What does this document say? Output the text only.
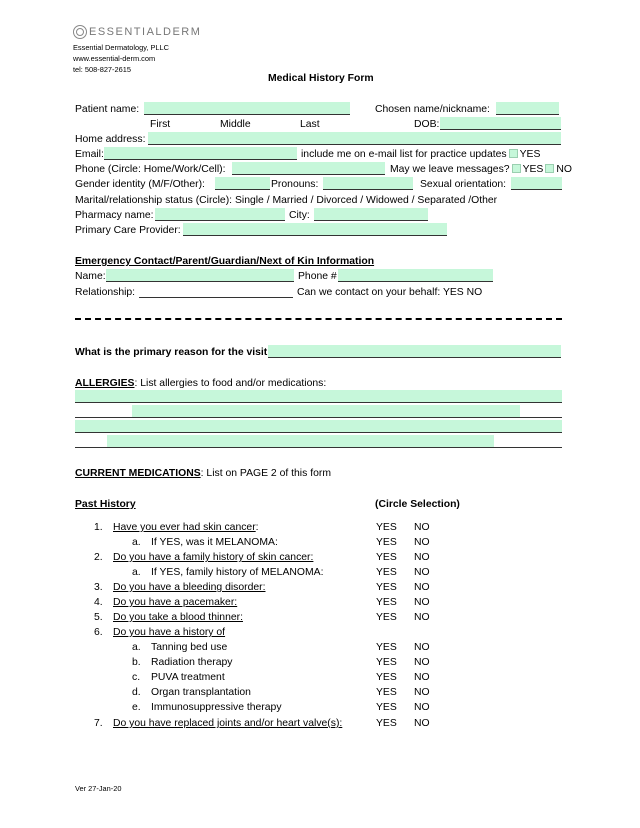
ESSENTIALDERM
Essential Dermatology, PLLC
www.essential-derm.com
tel: 508-827-2615
Medical History Form
Patient name:	Chosen name/nickname:
First	Middle	Last	DOB:
Home address:
Email:	include me on e-mail list for practice updates YES
Phone (Circle: Home/Work/Cell):	May we leave messages? YES NO
Gender identity (M/F/Other):	Pronouns:	Sexual orientation:
Marital/relationship status (Circle): Single / Married / Divorced / Widowed / Separated /Other
Pharmacy name:	City:
Primary Care Provider:
Emergency Contact/Parent/Guardian/Next of Kin Information
Name:	Phone #
Relationship:	Can we contact on your behalf: YES NO
What is the primary reason for the visit
ALLERGIES: List allergies to food and/or medications:
CURRENT MEDICATIONS: List on PAGE 2 of this form
Past History	(Circle Selection)
1. Have you ever had skin cancer:	YES NO
a. If YES, was it MELANOMA:	YES NO
2. Do you have a family history of skin cancer:	YES NO
a. If YES, family history of MELANOMA:	YES NO
3. Do you have a bleeding disorder:	YES NO
4. Do you have a pacemaker:	YES NO
5. Do you take a blood thinner:	YES NO
6. Do you have a history of
a. Tanning bed use	YES NO
b. Radiation therapy	YES NO
c. PUVA treatment	YES NO
d. Organ transplantation	YES NO
e. Immunosuppressive therapy	YES NO
7. Do you have replaced joints and/or heart valve(s):	YES NO
Ver 27-Jan-20
